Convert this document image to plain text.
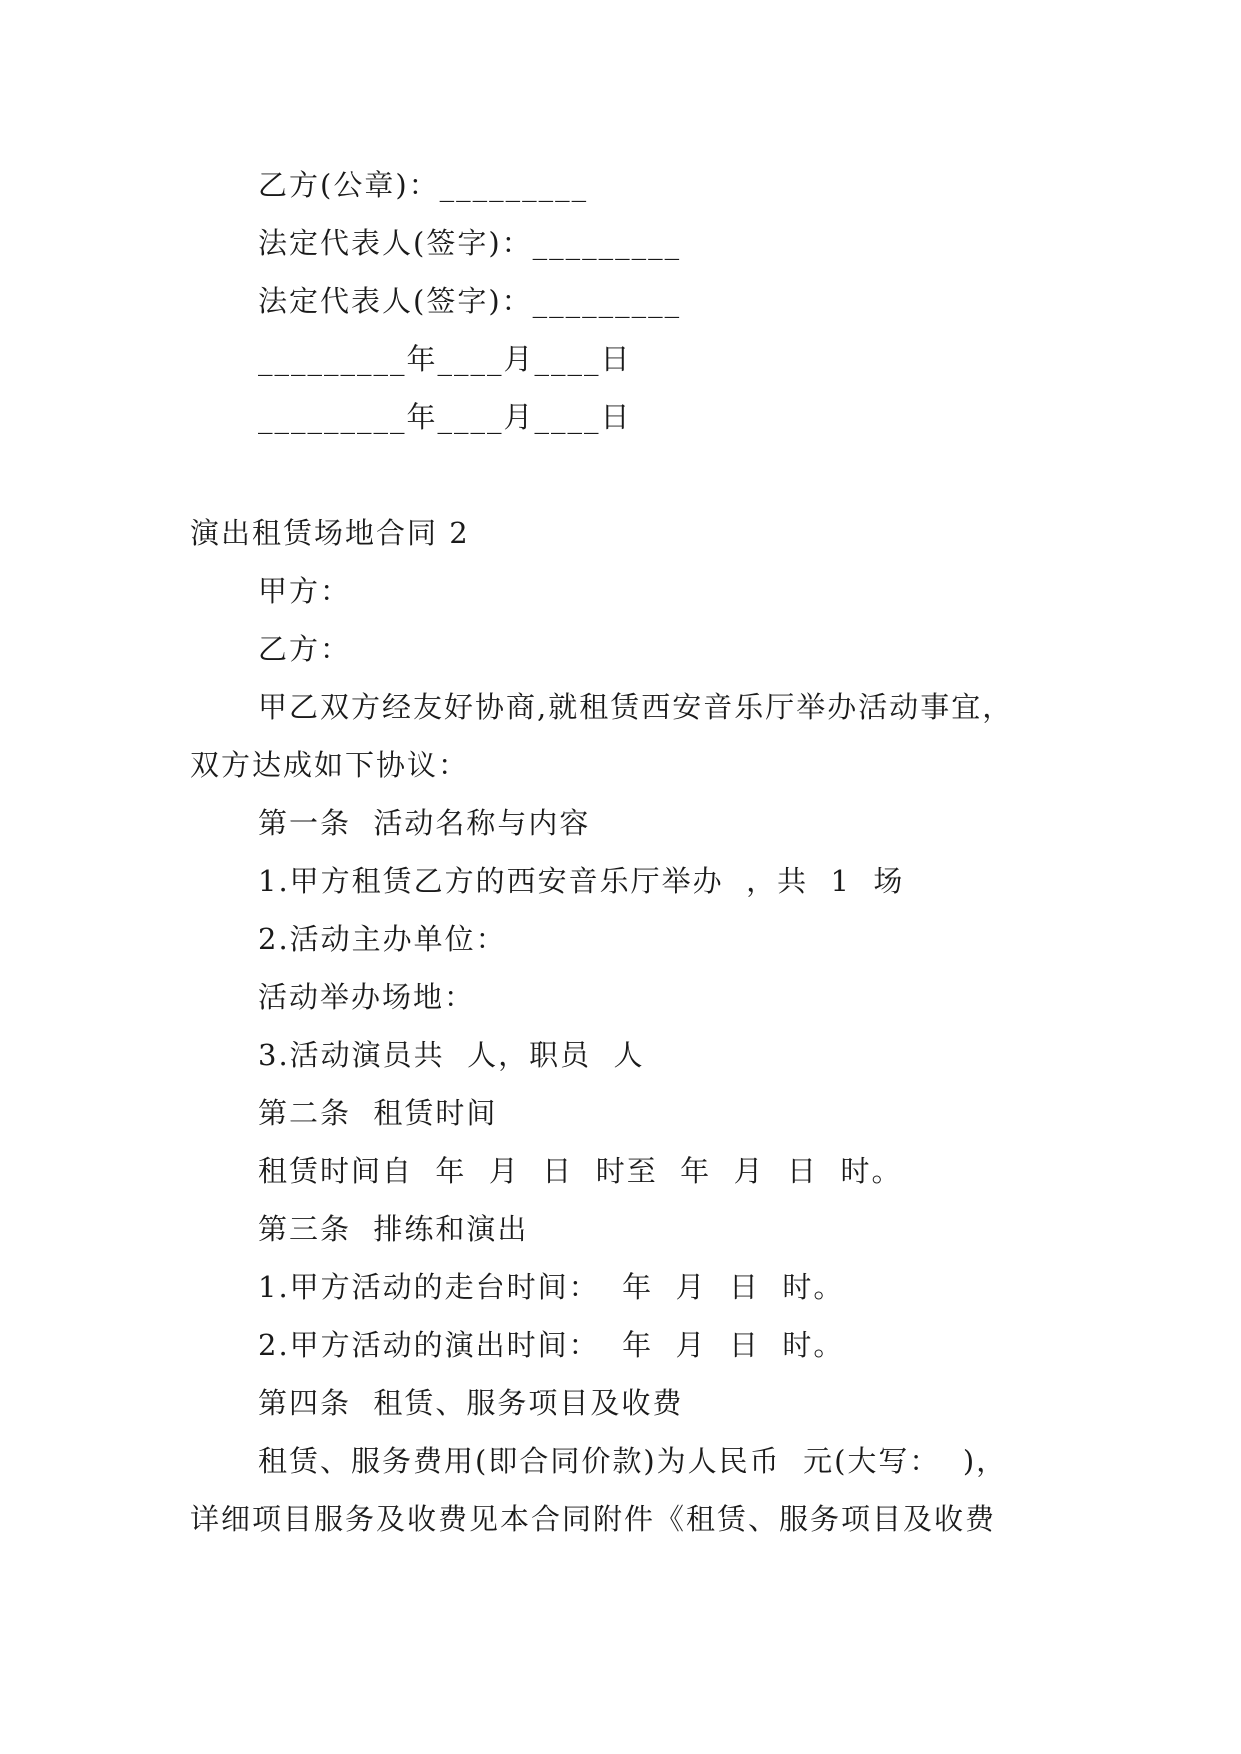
乙方(公章)：_________
法定代表人(签字)：_________
法定代表人(签字)：_________
_________年____月____日
_________年____月____日
演出租赁场地合同 2
甲方：
乙方：
甲乙双方经友好协商,就租赁西安音乐厅举办活动事宜，
双方达成如下协议：
第一条  活动名称与内容
1.甲方租赁乙方的西安音乐厅举办  ，共  1  场
2.活动主办单位：
活动举办场地：
3.活动演员共  人，职员  人
第二条  租赁时间
租赁时间自  年  月  日  时至  年  月  日  时。
第三条  排练和演出
1.甲方活动的走台时间：  年  月  日  时。
2.甲方活动的演出时间：  年  月  日  时。
第四条  租赁、服务项目及收费
租赁、服务费用(即合同价款)为人民币  元(大写：  )，
详细项目服务及收费见本合同附件《租赁、服务项目及收费
